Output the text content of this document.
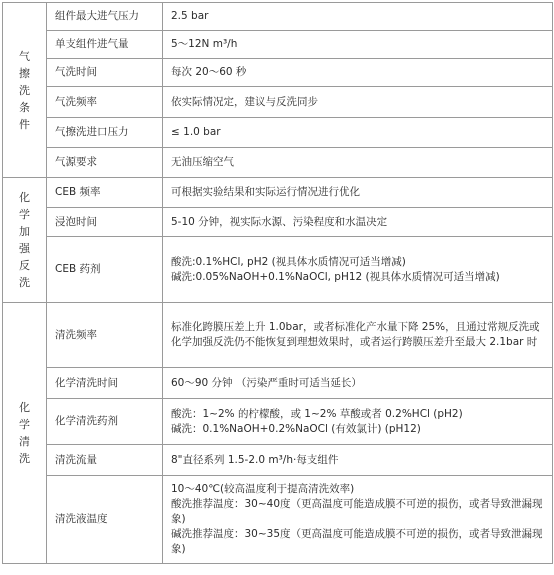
气擦洗条件	组件最大进气压力	2.5 bar
	单支组件进气量	5～12N m³/h
	气洗时间	每次 20～60 秒
	气洗频率	依实际情况定，建议与反洗同步
	气擦洗进口压力	≤ 1.0 bar
	气源要求	无油压缩空气
化学加强反洗	CEB 频率	可根据实验结果和实际运行情况进行优化
	浸泡时间	5-10 分钟，视实际水源、污染程度和水温决定
	CEB 药剂	酸洗:0.1%HCl, pH2 (视具体水质情况可适当增减)
碱洗:0.05%NaOH+0.1%NaOCl, pH12 (视具体水质情况可适当增减)

化学清洗	清洗频率	标准化跨膜压差上升 1.0bar，或者标准化产水量下降 25%，且通过常规反洗或化学加强反洗仍不能恢复到理想效果时，或者运行跨膜压差升至最大 2.1bar 时
	化学清洗时间	60～90 分钟 （污染严重时可适当延长）
	化学清洗药剂	酸洗：1~2% 的柠檬酸，或 1~2% 草酸或者 0.2%HCl (pH2)
碱洗：0.1%NaOH+0.2%NaOCl (有效氯计) (pH12)

	清洗流量	8"直径系列 1.5-2.0 m³/h·每支组件
	清洗液温度	10～40℃(较高温度利于提高清洗效率)
酸洗推荐温度：30~40度（更高温度可能造成膜不可逆的损伤，或者导致泄漏现象)
碱洗推荐温度：30~35度（更高温度可能造成膜不可逆的损伤，或者导致泄漏现象)
